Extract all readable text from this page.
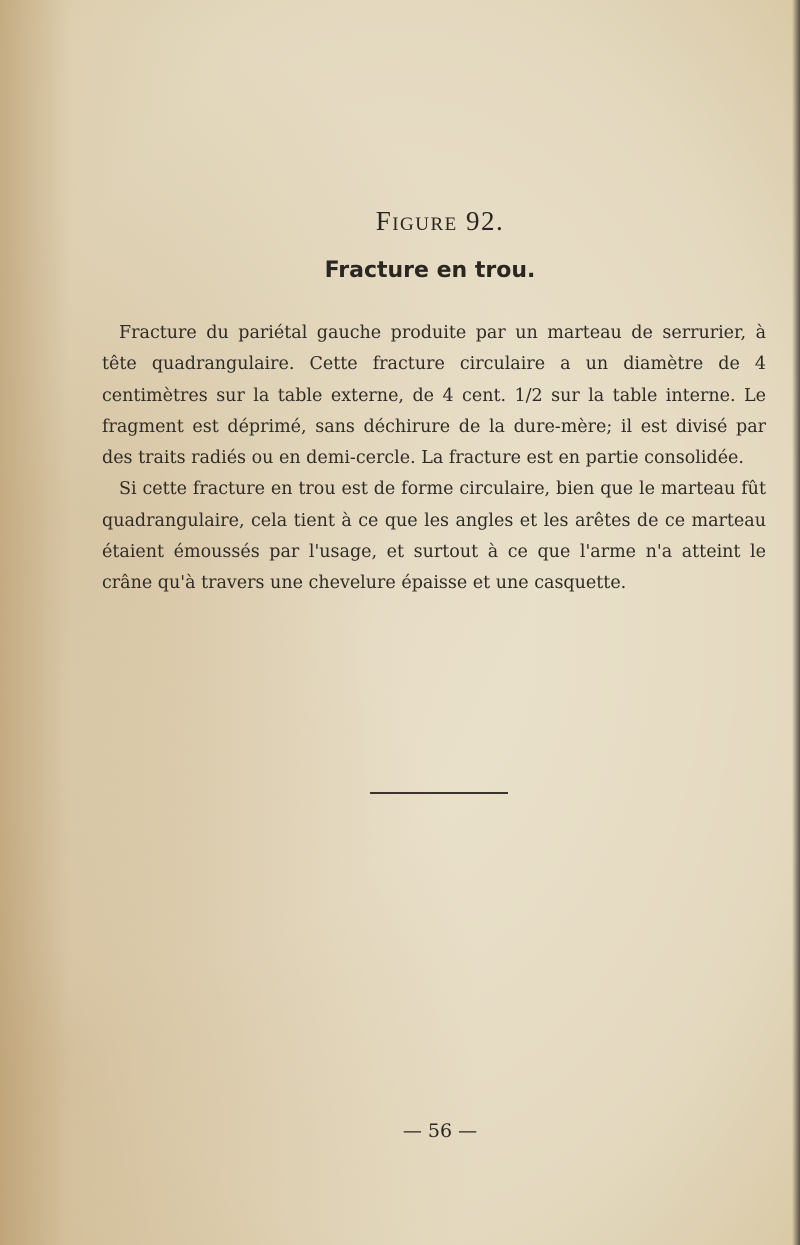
Figure 92.
Fracture en trou.

Fracture du pariétal gauche produite par un marteau de serrurier, à tête quadrangulaire. Cette fracture circulaire a un diamètre de 4 centimètres sur la table externe, de 4 cent. 1/2 sur la table interne. Le fragment est déprimé, sans déchirure de la dure-mère; il est divisé par des traits radiés ou en demi-cercle. La fracture est en partie consolidée.

Si cette fracture en trou est de forme circulaire, bien que le marteau fût quadrangulaire, cela tient à ce que les angles et les arêtes de ce marteau étaient émoussés par l'usage, et surtout à ce que l'arme n'a atteint le crâne qu'à travers une chevelure épaisse et une casquette.

— 56 —
